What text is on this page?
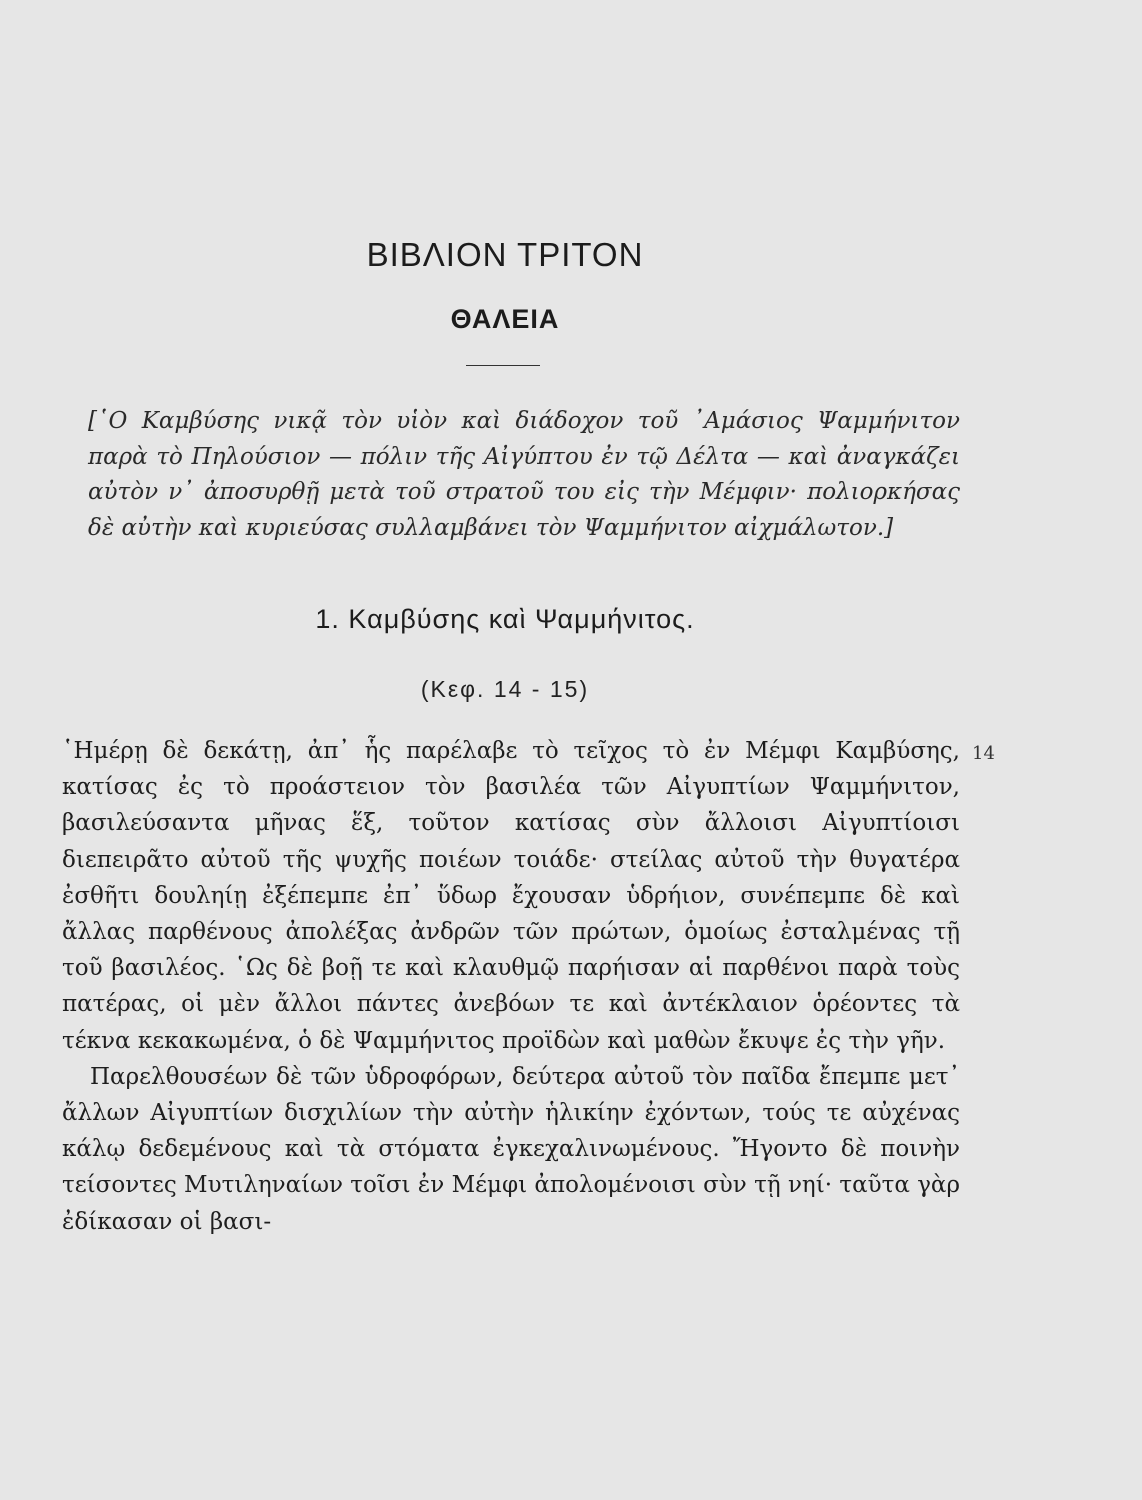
ΒΙΒΛΙΟΝ ΤΡΙΤΟΝ
ΘΑΛΕΙΑ

[῾Ο Καμβύσης νικᾷ τὸν υἱὸν καὶ διάδοχον τοῦ ᾿Αμάσιος Ψαμμήνιτον παρὰ τὸ Πηλούσιον — πόλιν τῆς Αἰγύπτου ἐν τῷ Δέλτα — καὶ ἀναγκάζει αὐτὸν ν᾿ ἀποσυρθῇ μετὰ τοῦ στρατοῦ του εἰς τὴν Μέμφιν· πολιορκήσας δὲ αὐτὴν καὶ κυριεύσας συλλαμβάνει τὸν Ψαμμήνιτον αἰχμάλωτον.]

1. Καμβύσης καὶ Ψαμμήνιτος.
(Κεφ. 14 - 15)
14

῾Ημέρῃ δὲ δεκάτῃ, ἀπ᾿ ἧς παρέλαβε τὸ τεῖχος τὸ ἐν Μέμφι Καμβύσης, κατίσας ἐς τὸ προάστειον τὸν βασιλέα τῶν Αἰγυπτίων Ψαμμήνιτον, βασιλεύσαντα μῆνας ἕξ, τοῦτον κατίσας σὺν ἄλλοισι Αἰγυπτίοισι διεπειρᾶτο αὐτοῦ τῆς ψυχῆς ποιέων τοιάδε· στείλας αὐτοῦ τὴν θυγατέρα ἐσθῆτι δουληίῃ ἐξέπεμπε ἐπ᾿ ὕδωρ ἔχουσαν ὑδρήιον, συνέπεμπε δὲ καὶ ἄλλας παρθένους ἀπολέξας ἀνδρῶν τῶν πρώτων, ὁμοίως ἐσταλμένας τῇ τοῦ βασιλέος. ῾Ως δὲ βοῇ τε καὶ κλαυθμῷ παρήισαν αἱ παρθένοι παρὰ τοὺς πατέρας, οἱ μὲν ἄλλοι πάντες ἀνεβόων τε καὶ ἀντέκλαιον ὁρέοντες τὰ τέκνα κεκακωμένα, ὁ δὲ Ψαμμήνιτος προϊδὼν καὶ μαθὼν ἔκυψε ἐς τὴν γῆν.

Παρελθουσέων δὲ τῶν ὑδροφόρων, δεύτερα αὐτοῦ τὸν παῖδα ἔπεμπε μετ᾿ ἄλλων Αἰγυπτίων δισχιλίων τὴν αὐτὴν ἡλικίην ἐχόντων, τούς τε αὐχένας κάλῳ δεδεμένους καὶ τὰ στόματα ἐγκεχαλινωμένους. Ἤγοντο δὲ ποινὴν τείσοντες Μυτιληναίων τοῖσι ἐν Μέμφι ἀπολομένοισι σὺν τῇ νηί· ταῦτα γὰρ ἐδίκασαν οἱ βασι-
